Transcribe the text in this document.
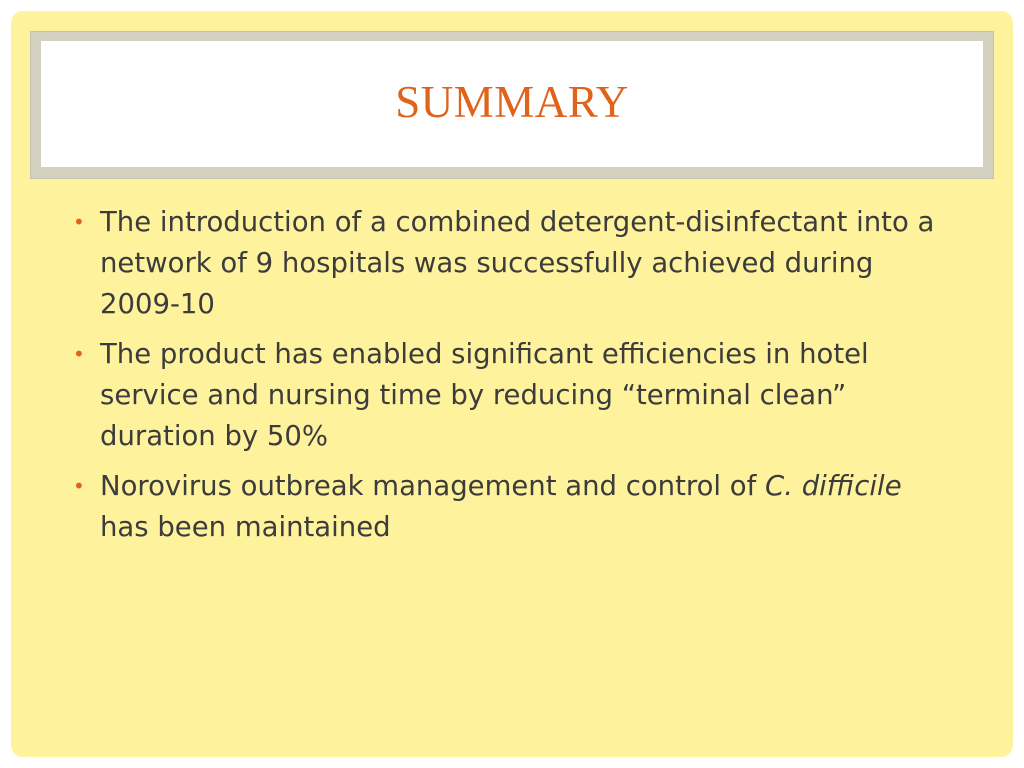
SUMMARY
• The introduction of a combined detergent-disinfectant into a network of 9 hospitals was successfully achieved during 2009-10
• The product has enabled significant efficiencies in hotel service and nursing time by reducing “terminal clean” duration by 50%
• Norovirus outbreak management and control of C. difficile has been maintained
